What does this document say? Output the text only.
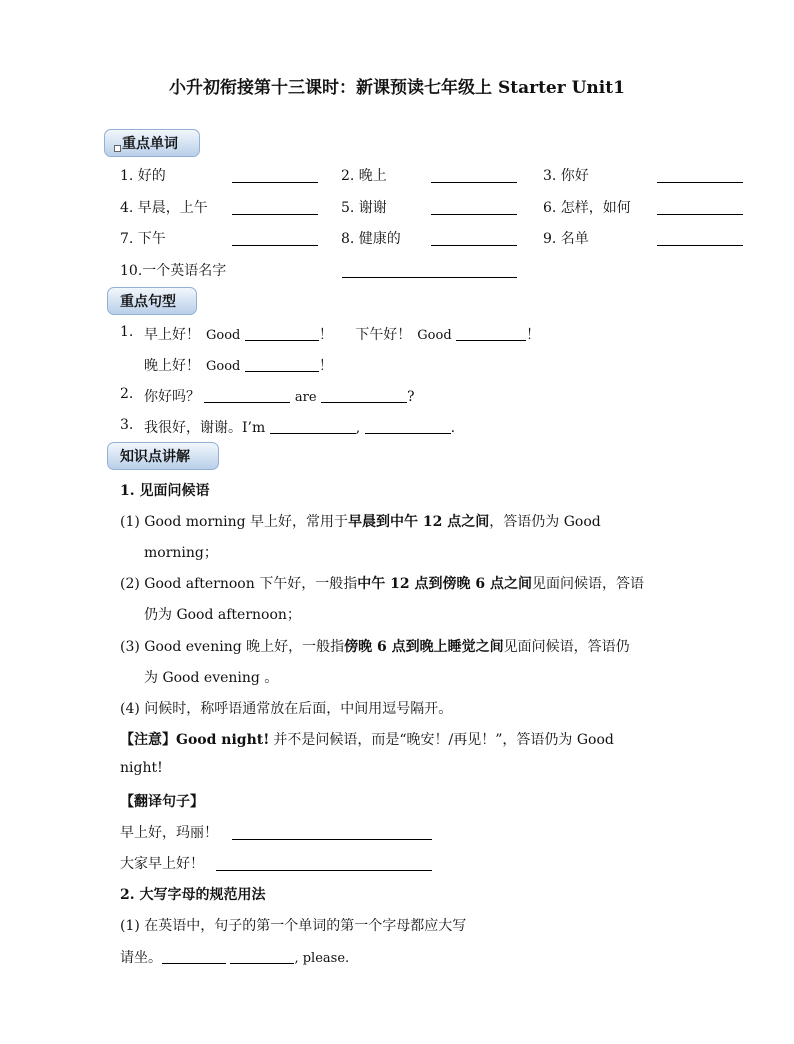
小升初衔接第十三课时：新课预读七年级上 Starter Unit1
重点单词
1. 好的	2. 晚上	3. 你好
4. 早晨，上午	5. 谢谢	6. 怎样，如何
7. 下午	8. 健康的	9. 名单
10.一个英语名字
重点句型
1. 早上好！ Good	！ 下午好！ Good	！
晚上好！ Good	！
2. 你好吗？	are	?
3. 我很好，谢谢。I’m	,	.
知识点讲解
1. 见面问候语
(1) Good morning 早上好，常用于早晨到中午 12 点之间，答语仍为 Good
morning；
(2) Good afternoon 下午好，一般指中午 12 点到傍晚 6 点之间见面问候语，答语
仍为 Good afternoon；
(3) Good evening 晚上好，一般指傍晚 6 点到晚上睡觉之间见面问候语，答语仍
为 Good evening 。
(4) 问候时，称呼语通常放在后面，中间用逗号隔开。
【注意】Good night! 并不是问候语，而是“晚安！/再见！”，答语仍为 Good
night!
【翻译句子】
早上好，玛丽！
大家早上好！
2. 大写字母的规范用法
(1) 在英语中，句子的第一个单词的第一个字母都应大写
请坐。	, please.
